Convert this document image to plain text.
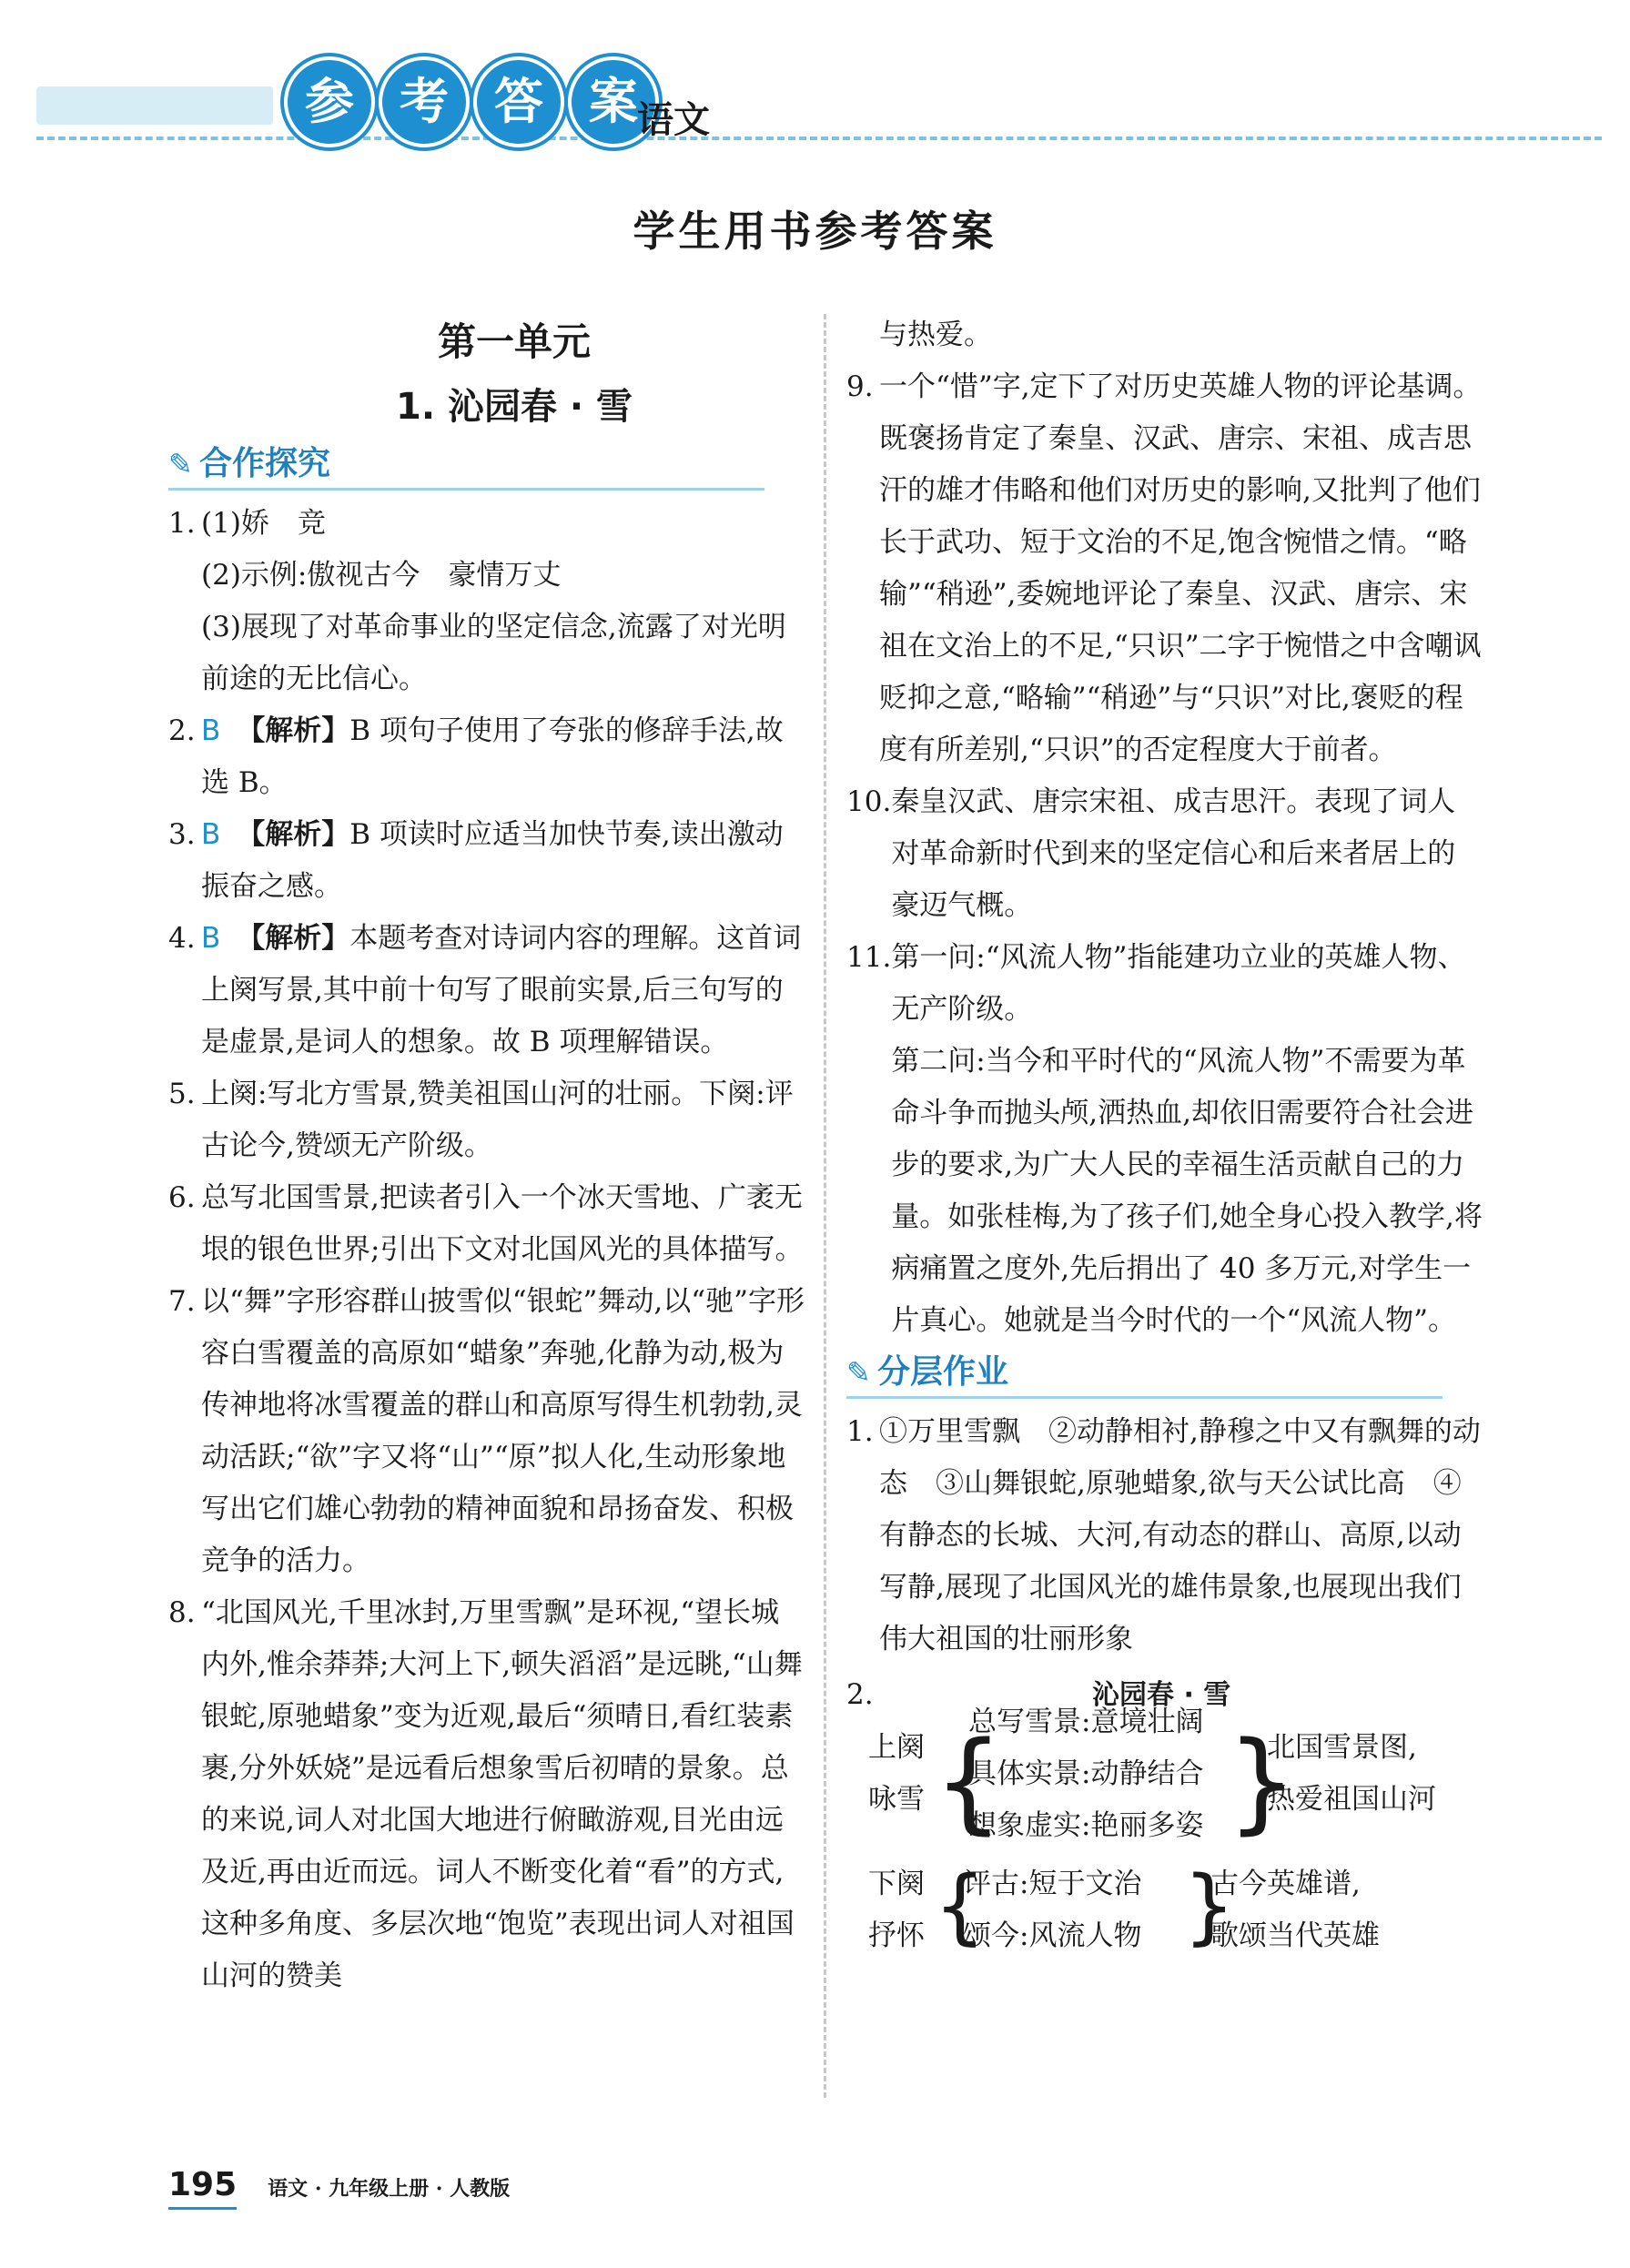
参 考 答 案 语文
学生用书参考答案
第一单元
1. 沁园春 · 雪
✎ 合作探究
1. (1)娇　竞
(2)示例:傲视古今　豪情万丈
(3)展现了对革命事业的坚定信念,流露了对光明前途的无比信心。
2. B 【解析】B 项句子使用了夸张的修辞手法,故选 B。
3. B 【解析】B 项读时应适当加快节奏,读出激动振奋之感。
4. B 【解析】本题考查对诗词内容的理解。这首词上阕写景,其中前十句写了眼前实景,后三句写的是虚景,是词人的想象。故 B 项理解错误。
5. 上阕:写北方雪景,赞美祖国山河的壮丽。下阕:评古论今,赞颂无产阶级。
6. 总写北国雪景,把读者引入一个冰天雪地、广袤无垠的银色世界;引出下文对北国风光的具体描写。
7. 以“舞”字形容群山披雪似“银蛇”舞动,以“驰”字形容白雪覆盖的高原如“蜡象”奔驰,化静为动,极为传神地将冰雪覆盖的群山和高原写得生机勃勃,灵动活跃;“欲”字又将“山”“原”拟人化,生动形象地写出它们雄心勃勃的精神面貌和昂扬奋发、积极竞争的活力。
8. “北国风光,千里冰封,万里雪飘”是环视,“望长城内外,惟余莽莽;大河上下,顿失滔滔”是远眺,“山舞银蛇,原驰蜡象”变为近观,最后“须晴日,看红装素裹,分外妖娆”是远看后想象雪后初晴的景象。总的来说,词人对北国大地进行俯瞰游观,目光由远及近,再由近而远。词人不断变化着“看”的方式,这种多角度、多层次地“饱览”表现出词人对祖国山河的赞美
与热爱。
9. 一个“惜”字,定下了对历史英雄人物的评论基调。既褒扬肯定了秦皇、汉武、唐宗、宋祖、成吉思汗的雄才伟略和他们对历史的影响,又批判了他们长于武功、短于文治的不足,饱含惋惜之情。“略输”“稍逊”,委婉地评论了秦皇、汉武、唐宗、宋祖在文治上的不足,“只识”二字于惋惜之中含嘲讽贬抑之意,“略输”“稍逊”与“只识”对比,褒贬的程度有所差别,“只识”的否定程度大于前者。
10. 秦皇汉武、唐宗宋祖、成吉思汗。表现了词人对革命新时代到来的坚定信心和后来者居上的豪迈气概。
11. 第一问:“风流人物”指能建功立业的英雄人物、无产阶级。
第二问:当今和平时代的“风流人物”不需要为革命斗争而抛头颅,洒热血,却依旧需要符合社会进步的要求,为广大人民的幸福生活贡献自己的力量。如张桂梅,为了孩子们,她全身心投入教学,将病痛置之度外,先后捐出了 40 多万元,对学生一片真心。她就是当今时代的一个“风流人物”。
✎ 分层作业
1. ①万里雪飘　②动静相衬,静穆之中又有飘舞的动态　③山舞银蛇,原驰蜡象,欲与天公试比高　④有静态的长城、大河,有动态的群山、高原,以动写静,展现了北国风光的雄伟景象,也展现出我们伟大祖国的壮丽形象
2.	沁园春 · 雪
上阕
咏雪 {
总写雪景:意境壮阔
具体实景:动静结合
想象虚实:艳丽多姿 }
北国雪景图,
热爱祖国山河
下阕
抒怀 {
评古:短于文治
颂今:风流人物 }
古今英雄谱,
歌颂当代英雄
195 语文 · 九年级上册 · 人教版
